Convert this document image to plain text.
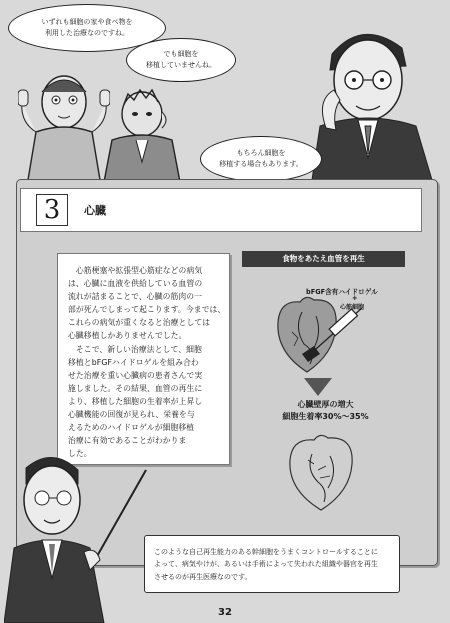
いずれも細胞の家や食べ物を
利用した治療なのですね。
でも細胞を
移植していませんね。
もちろん細胞を
移植する場合もあります。
3	心臓
　心筋梗塞や拡張型心筋症などの病気
は、心臓に血液を供給している血管の
流れが詰まることで、心臓の筋肉の一
部が死んでしまって起こります。今までは、
これらの病気が重くなると治療としては
心臓移植しかありませんでした。
　そこで、新しい治療法として、細胞
移植とbFGFハイドロゲルを組み合わ
せた治療を重い心臓病の患者さんで実
施しました。その結果、血管の再生に
より、移植した細胞の生着率が上昇し
心臓機能の回復が見られ、栄養を与
えるためのハイドロゲルが細胞移植
治療に有効であることがわかりま
した。
食物をあたえ血管を再生
bFGF含有ハイドロゲル
+
心筋細胞
心臓壁厚の増大
細胞生着率30%〜35%
このような自己再生能力のある幹細胞をうまくコントロールすることに
よって、病気やけが、あるいは手術によって失われた組織や器官を再生
させるのが再生医療なのです。
32
